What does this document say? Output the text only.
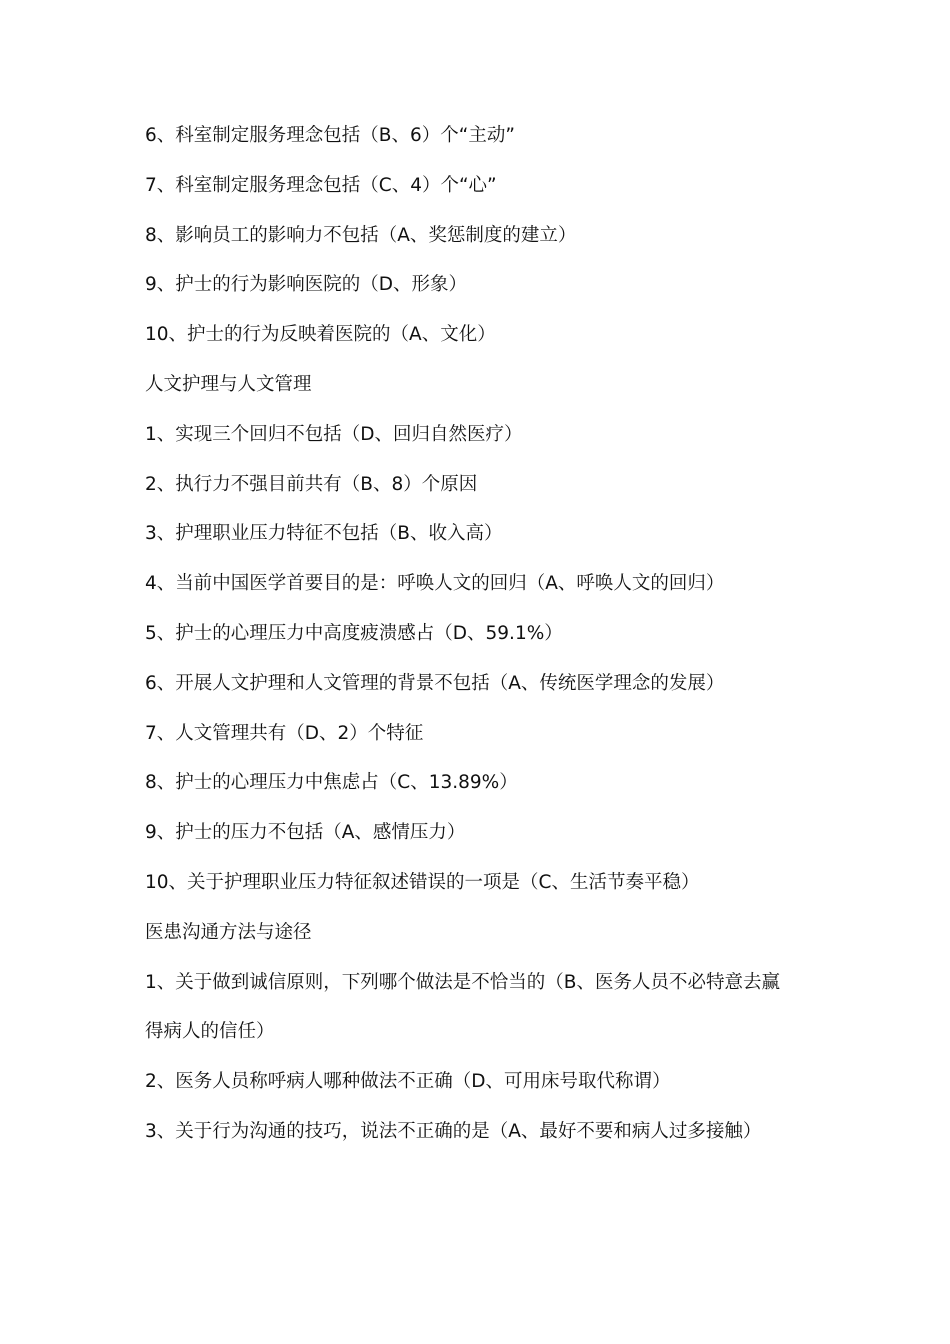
6、科室制定服务理念包括（B、6）个“主动”
7、科室制定服务理念包括（C、4）个“心”
8、影响员工的影响力不包括（A、奖惩制度的建立）
9、护士的行为影响医院的（D、形象）
10、护士的行为反映着医院的（A、文化）
人文护理与人文管理
1、实现三个回归不包括（D、回归自然医疗）
2、执行力不强目前共有（B、8）个原因
3、护理职业压力特征不包括（B、收入高）
4、当前中国医学首要目的是：呼唤人文的回归（A、呼唤人文的回归）
5、护士的心理压力中高度疲溃感占（D、59.1%）
6、开展人文护理和人文管理的背景不包括（A、传统医学理念的发展）
7、人文管理共有（D、2）个特征
8、护士的心理压力中焦虑占（C、13.89%）
9、护士的压力不包括（A、感情压力）
10、关于护理职业压力特征叙述错误的一项是（C、生活节奏平稳）
医患沟通方法与途径
1、关于做到诚信原则，下列哪个做法是不恰当的（B、医务人员不必特意去赢
得病人的信任）
2、医务人员称呼病人哪种做法不正确（D、可用床号取代称谓）
3、关于行为沟通的技巧，说法不正确的是（A、最好不要和病人过多接触）
